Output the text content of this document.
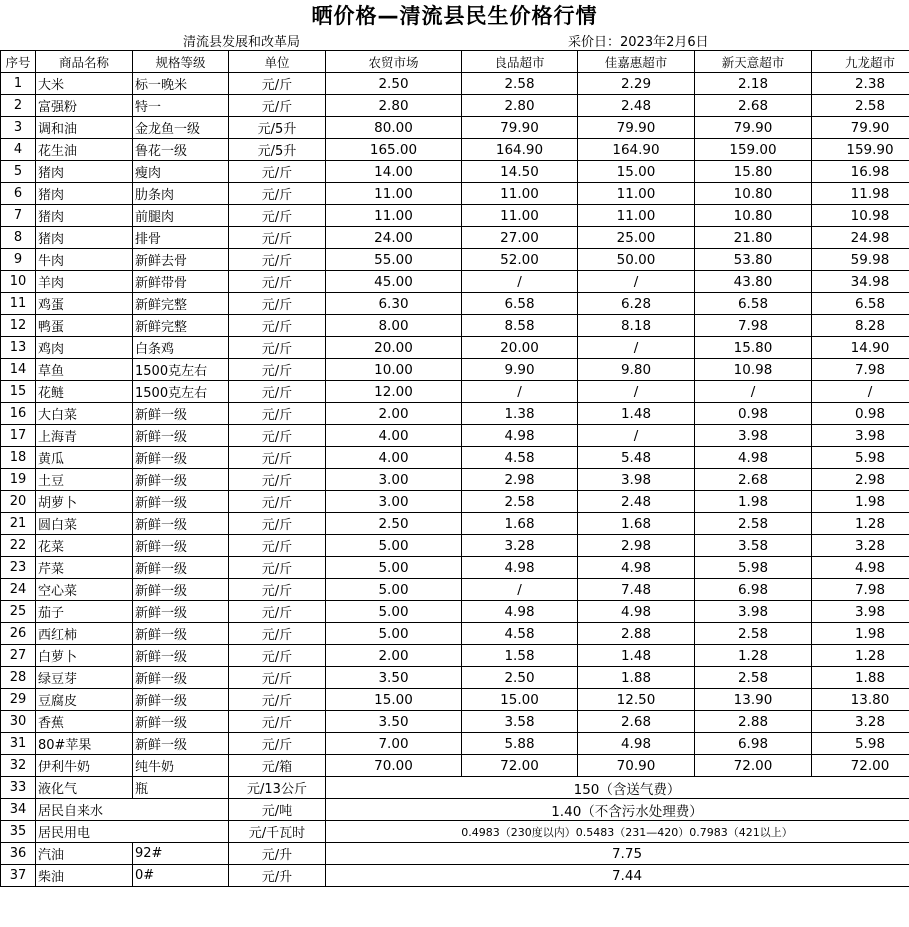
晒价格—清流县民生价格行情
清流县发展和改革局	采价日：2023年2月6日
序号	商品名称	规格等级	单位	农贸市场	良品超市	佳嘉惠超市	新天意超市	九龙超市
1	大米	标一晚米	元/斤	2.50	2.58	2.29	2.18	2.38
2	富强粉	特一	元/斤	2.80	2.80	2.48	2.68	2.58
3	调和油	金龙鱼一级	元/5升	80.00	79.90	79.90	79.90	79.90
4	花生油	鲁花一级	元/5升	165.00	164.90	164.90	159.00	159.90
5	猪肉	瘦肉	元/斤	14.00	14.50	15.00	15.80	16.98
6	猪肉	肋条肉	元/斤	11.00	11.00	11.00	10.80	11.98
7	猪肉	前腿肉	元/斤	11.00	11.00	11.00	10.80	10.98
8	猪肉	排骨	元/斤	24.00	27.00	25.00	21.80	24.98
9	牛肉	新鲜去骨	元/斤	55.00	52.00	50.00	53.80	59.98
10	羊肉	新鲜带骨	元/斤	45.00	/	/	43.80	34.98
11	鸡蛋	新鲜完整	元/斤	6.30	6.58	6.28	6.58	6.58
12	鸭蛋	新鲜完整	元/斤	8.00	8.58	8.18	7.98	8.28
13	鸡肉	白条鸡	元/斤	20.00	20.00	/	15.80	14.90
14	草鱼	1500克左右	元/斤	10.00	9.90	9.80	10.98	7.98
15	花鲢	1500克左右	元/斤	12.00	/	/	/	/
16	大白菜	新鲜一级	元/斤	2.00	1.38	1.48	0.98	0.98
17	上海青	新鲜一级	元/斤	4.00	4.98	/	3.98	3.98
18	黄瓜	新鲜一级	元/斤	4.00	4.58	5.48	4.98	5.98
19	土豆	新鲜一级	元/斤	3.00	2.98	3.98	2.68	2.98
20	胡萝卜	新鲜一级	元/斤	3.00	2.58	2.48	1.98	1.98
21	圆白菜	新鲜一级	元/斤	2.50	1.68	1.68	2.58	1.28
22	花菜	新鲜一级	元/斤	5.00	3.28	2.98	3.58	3.28
23	芹菜	新鲜一级	元/斤	5.00	4.98	4.98	5.98	4.98
24	空心菜	新鲜一级	元/斤	5.00	/	7.48	6.98	7.98
25	茄子	新鲜一级	元/斤	5.00	4.98	4.98	3.98	3.98
26	西红柿	新鲜一级	元/斤	5.00	4.58	2.88	2.58	1.98
27	白萝卜	新鲜一级	元/斤	2.00	1.58	1.48	1.28	1.28
28	绿豆芽	新鲜一级	元/斤	3.50	2.50	1.88	2.58	1.88
29	豆腐皮	新鲜一级	元/斤	15.00	15.00	12.50	13.90	13.80
30	香蕉	新鲜一级	元/斤	3.50	3.58	2.68	2.88	3.28
31	80#苹果	新鲜一级	元/斤	7.00	5.88	4.98	6.98	5.98
32	伊利牛奶	纯牛奶	元/箱	70.00	72.00	70.90	72.00	72.00
33	液化气	瓶	元/13公斤	150（含送气费）				
34	居民自来水		元/吨	1.40（不含污水处理费）				
35	居民用电		元/千瓦时	0.4983（230度以内）0.5483（231—420）0.7983（421以上）				
36	汽油	92#	元/升	7.75				
37	柴油	0#	元/升	7.44				
